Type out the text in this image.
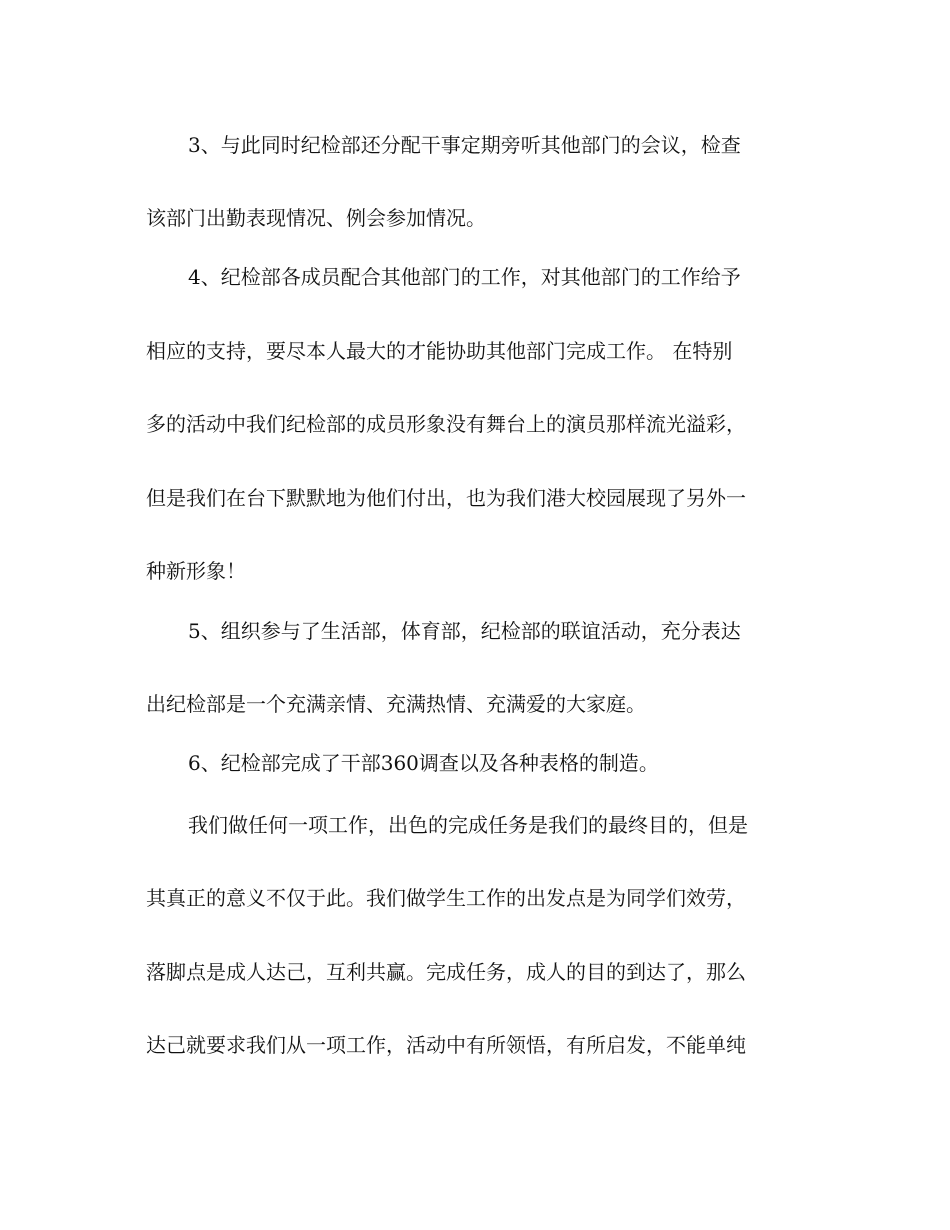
3、与此同时纪检部还分配干事定期旁听其他部门的会议，检查
该部门出勤表现情况、例会参加情况。
4、纪检部各成员配合其他部门的工作，对其他部门的工作给予
相应的支持，要尽本人最大的才能协助其他部门完成工作。 在特别
多的活动中我们纪检部的成员形象没有舞台上的演员那样流光溢彩，
但是我们在台下默默地为他们付出，也为我们港大校园展现了另外一
种新形象！
5、组织参与了生活部，体育部，纪检部的联谊活动，充分表达
出纪检部是一个充满亲情、充满热情、充满爱的大家庭。
6、纪检部完成了干部360调查以及各种表格的制造。
我们做任何一项工作，出色的完成任务是我们的最终目的，但是
其真正的意义不仅于此。我们做学生工作的出发点是为同学们效劳，
落脚点是成人达己，互利共赢。完成任务，成人的目的到达了，那么
达己就要求我们从一项工作，活动中有所领悟，有所启发，不能单纯
